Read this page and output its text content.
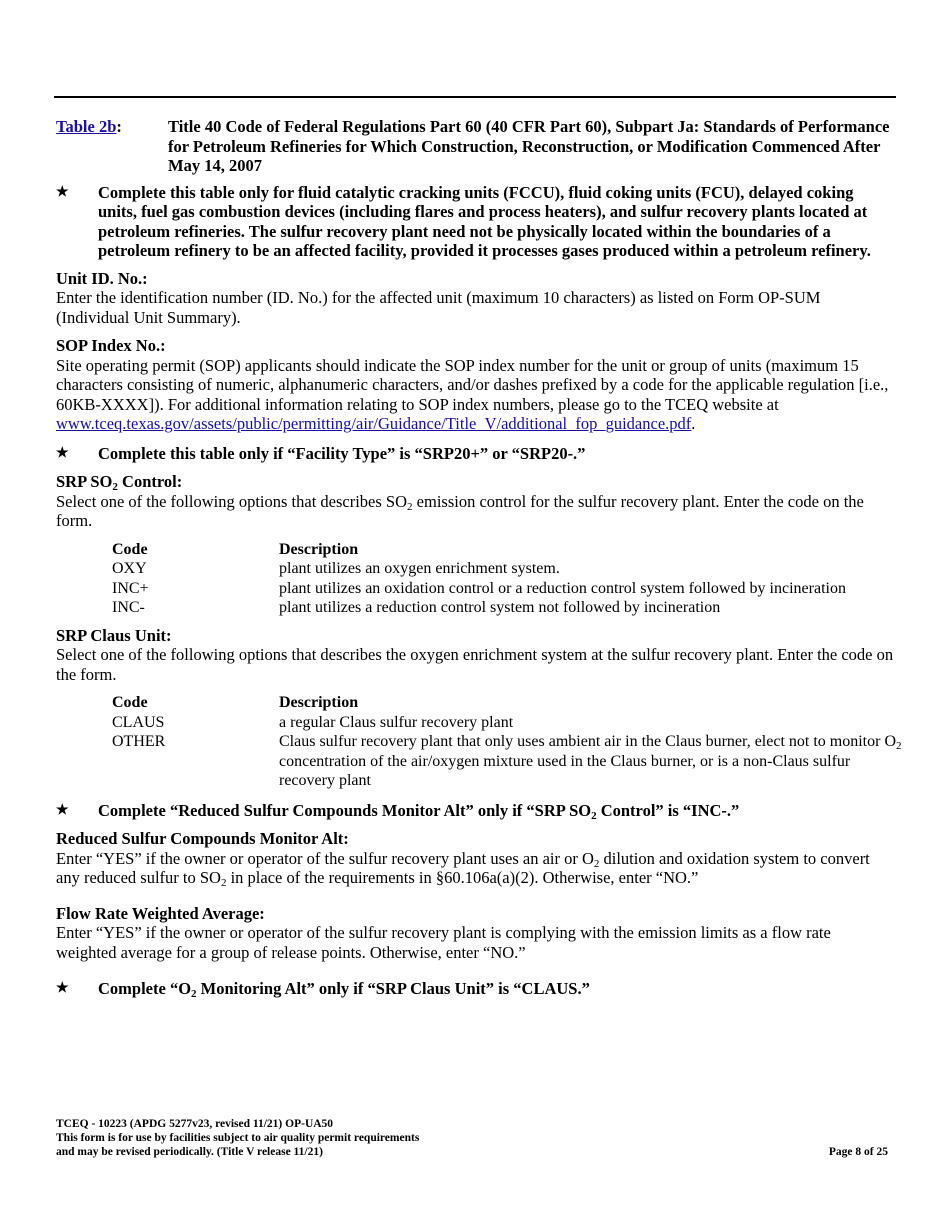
Table 2b:	Title 40 Code of Federal Regulations Part 60 (40 CFR Part 60), Subpart Ja: Standards of Performance for Petroleum Refineries for Which Construction, Reconstruction, or Modification Commenced After May 14, 2007
★ Complete this table only for fluid catalytic cracking units (FCCU), fluid coking units (FCU), delayed coking units, fuel gas combustion devices (including flares and process heaters), and sulfur recovery plants located at petroleum refineries. The sulfur recovery plant need not be physically located within the boundaries of a petroleum refinery to be an affected facility, provided it processes gases produced within a petroleum refinery.
Unit ID. No.:
Enter the identification number (ID. No.) for the affected unit (maximum 10 characters) as listed on Form OP-SUM (Individual Unit Summary).
SOP Index No.:
Site operating permit (SOP) applicants should indicate the SOP index number for the unit or group of units (maximum 15 characters consisting of numeric, alphanumeric characters, and/or dashes prefixed by a code for the applicable regulation [i.e., 60KB-XXXX]). For additional information relating to SOP index numbers, please go to the TCEQ website at www.tceq.texas.gov/assets/public/permitting/air/Guidance/Title_V/additional_fop_guidance.pdf.
★ Complete this table only if “Facility Type” is “SRP20+” or “SRP20-.”
SRP $SO_2$ Control:
Select one of the following options that describes $SO_2$ emission control for the sulfur recovery plant. Enter the code on the form.
Code	Description
OXY	plant utilizes an oxygen enrichment system.
INC+	plant utilizes an oxidation control or a reduction control system followed by incineration
INC-	plant utilizes a reduction control system not followed by incineration
SRP Claus Unit:
Select one of the following options that describes the oxygen enrichment system at the sulfur recovery plant. Enter the code on the form.
Code	Description
CLAUS	a regular Claus sulfur recovery plant
OTHER	Claus sulfur recovery plant that only uses ambient air in the Claus burner, elect not to monitor $O_2$ concentration of the air/oxygen mixture used in the Claus burner, or is a non-Claus sulfur recovery plant
★ Complete “Reduced Sulfur Compounds Monitor Alt” only if “SRP $SO_2$ Control” is “INC-.”
Reduced Sulfur Compounds Monitor Alt:
Enter “YES” if the owner or operator of the sulfur recovery plant uses an air or $O_2$ dilution and oxidation system to convert any reduced sulfur to $SO_2$ in place of the requirements in §60.106a(a)(2). Otherwise, enter “NO.”
Flow Rate Weighted Average:
Enter “YES” if the owner or operator of the sulfur recovery plant is complying with the emission limits as a flow rate weighted average for a group of release points. Otherwise, enter “NO.”
★ Complete “$O_2$ Monitoring Alt” only if “SRP Claus Unit” is “CLAUS.”
TCEQ - 10223 (APDG 5277v23, revised 11/21) OP-UA50
This form is for use by facilities subject to air quality permit requirements
and may be revised periodically. (Title V release 11/21)	Page 8 of 25
